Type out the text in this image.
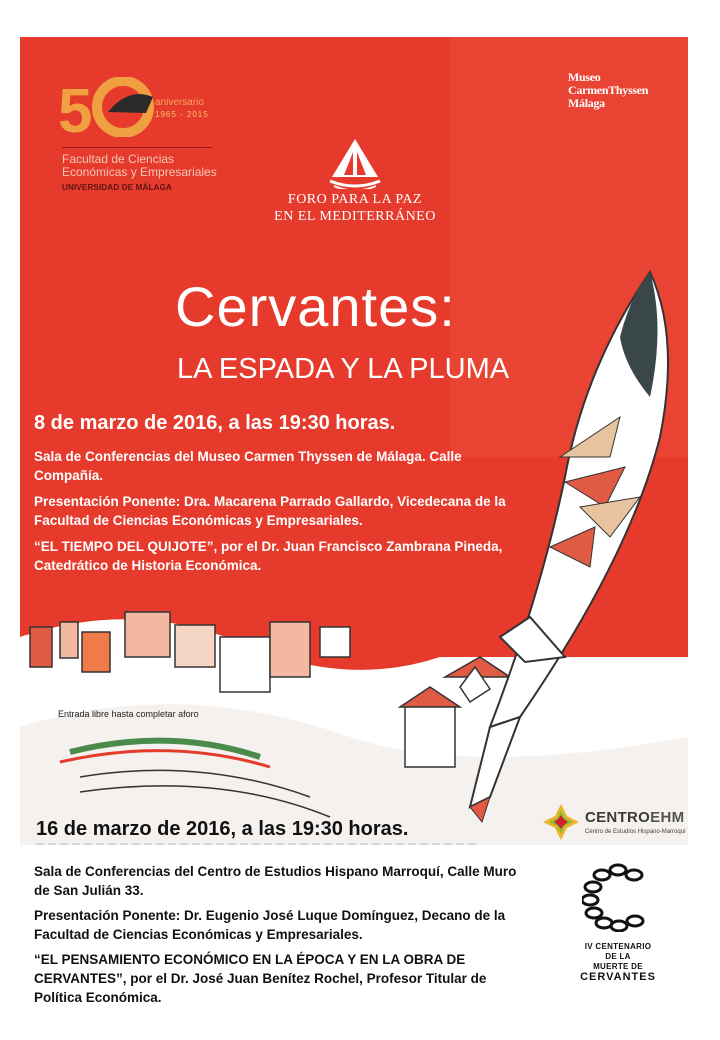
5	aniversario
1965 - 2015
Facultad de Ciencias
Económicas y Empresariales
UNIVERSIDAD DE MÁLAGA
Museo
CarmenThyssen
Málaga
FORO PARA LA PAZ
EN EL MEDITERRÁNEO
Cervantes:
LA ESPADA Y LA PLUMA
8 de marzo de 2016, a las 19:30 horas.

Sala de Conferencias del Museo Carmen Thyssen de Málaga. Calle Compañía.

Presentación Ponente: Dra. Macarena Parrado Gallardo, Vicedecana de la Facultad de Ciencias Económicas y Empresariales.

“EL TIEMPO DEL QUIJOTE”, por el Dr. Juan Francisco Zambrana Pineda, Catedrático de Historia Económica.

Entrada libre hasta completar aforo
16 de marzo de 2016, a las 19:30 horas.
CENTROEHM
Centro de Estudios Hispano-Marroquí

Sala de Conferencias del Centro de Estudios Hispano Marroquí, Calle Muro de San Julián 33.

Presentación Ponente: Dr. Eugenio José Luque Domínguez, Decano de la Facultad de Ciencias Económicas y Empresariales.

“EL PENSAMIENTO ECONÓMICO EN LA ÉPOCA Y EN LA OBRA DE CERVANTES”, por el Dr. José Juan Benítez Rochel, Profesor Titular de Política Económica.

IV CENTENARIO
DE LA
MUERTE DE
CERVANTES
